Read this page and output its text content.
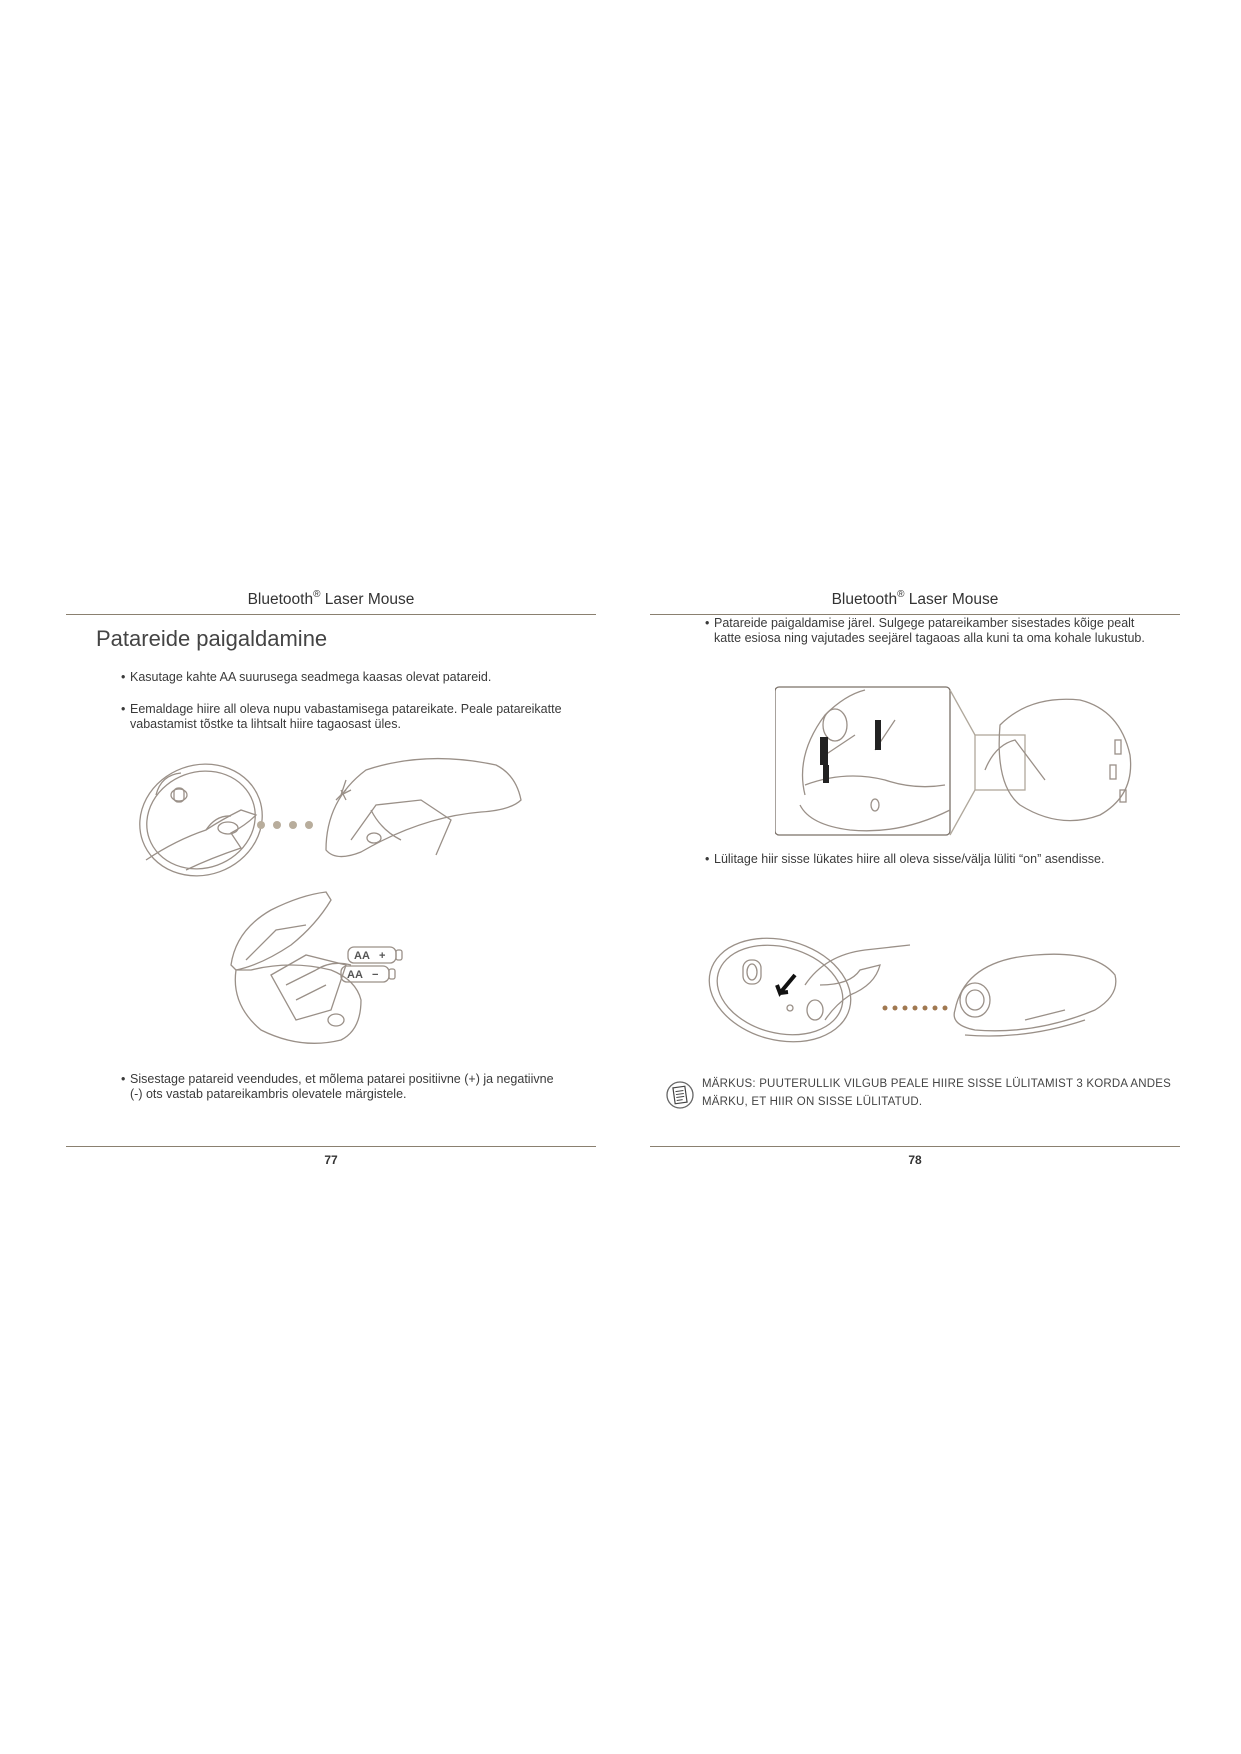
Bluetooth® Laser Mouse
Patareide paigaldamine
• Kasutage kahte AA suurusega seadmega kaasas olevat patareid.
• Eemaldage hiire all oleva nupu vabastamisega patareikate. Peale patareikatte
vabastamist tõstke ta lihtsalt hiire tagaosast üles.
AA +
AA −
• Sisestage patareid veendudes, et mõlema patarei positiivne (+) ja negatiivne
(-) ots vastab patareikambris olevatele märgistele.
77
Bluetooth® Laser Mouse
• Patareide paigaldamise järel. Sulgege patareikamber sisestades kõige pealt
katte esiosa ning vajutades seejärel tagaoas alla kuni ta oma kohale lukustub.
• Lülitage hiir sisse lükates hiire all oleva sisse/välja lüliti “on” asendisse.
MÄRKUS: PUUTERULLIK VILGUB PEALE HIIRE SISSE LÜLITAMIST 3 KORDA ANDES
MÄRKU, ET HIIR ON SISSE LÜLITATUD.
78
